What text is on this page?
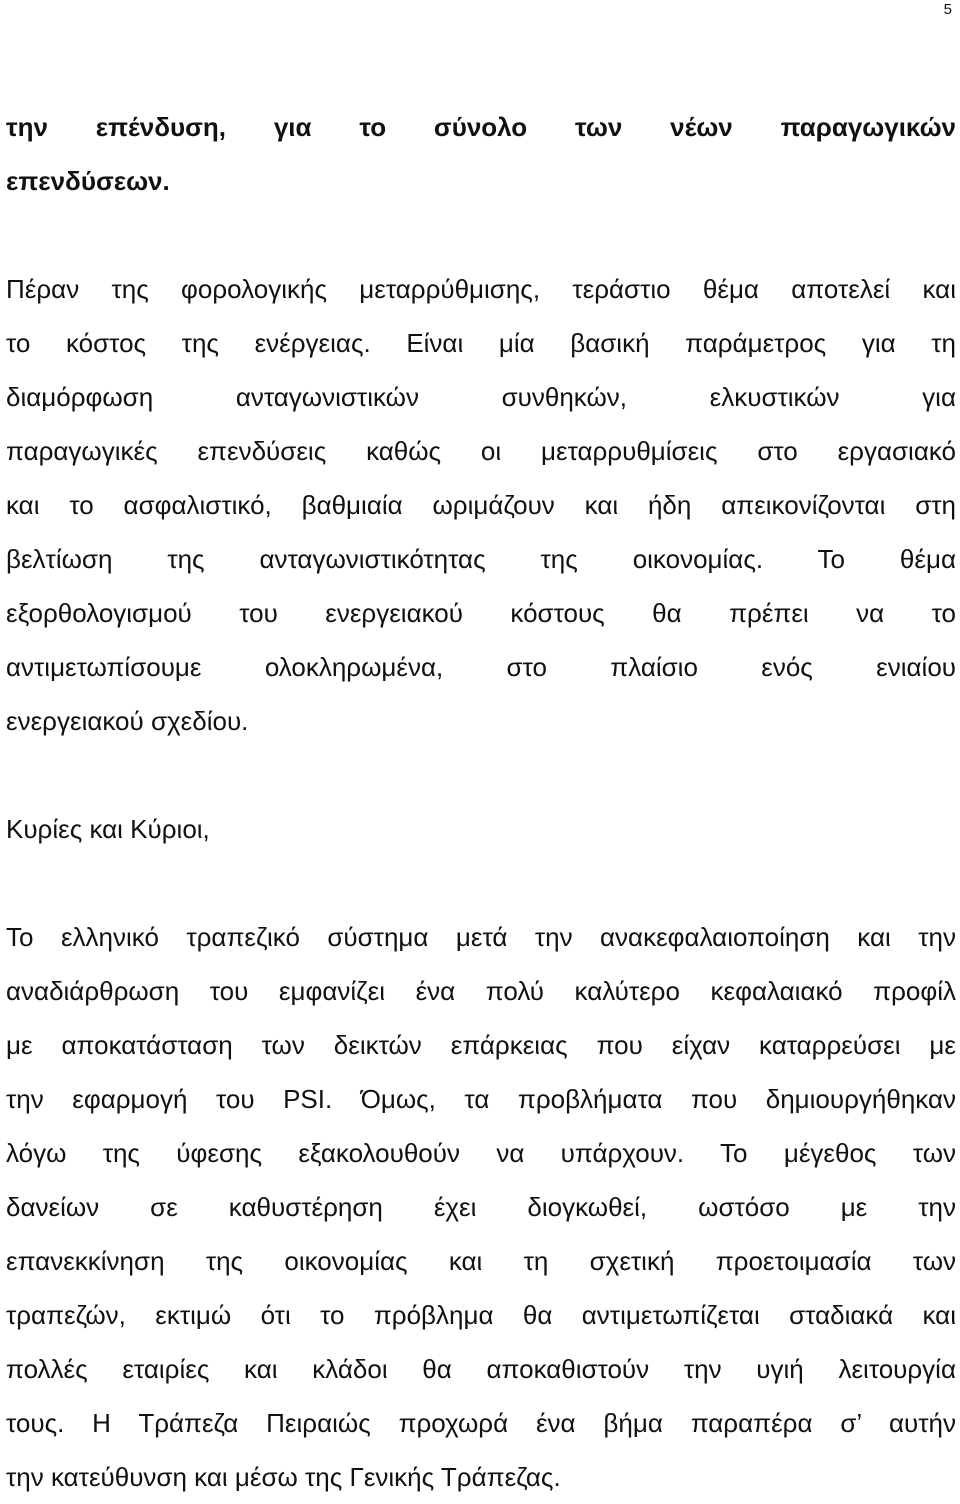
5
την επένδυση, για το σύνολο των νέων παραγωγικών
επενδύσεων.
Πέραν της φορολογικής μεταρρύθμισης, τεράστιο θέμα αποτελεί και
το κόστος της ενέργειας. Είναι μία βασική παράμετρος για τη
διαμόρφωση ανταγωνιστικών συνθηκών, ελκυστικών για
παραγωγικές επενδύσεις καθώς οι μεταρρυθμίσεις στο εργασιακό
και το ασφαλιστικό, βαθμιαία ωριμάζουν και ήδη απεικονίζονται στη
βελτίωση της ανταγωνιστικότητας της οικονομίας. Το θέμα
εξορθολογισμού του ενεργειακού κόστους θα πρέπει να το
αντιμετωπίσουμε ολοκληρωμένα, στο πλαίσιο ενός ενιαίου
ενεργειακού σχεδίου.
Κυρίες και Κύριοι,
Το ελληνικό τραπεζικό σύστημα μετά την ανακεφαλαιοποίηση και την
αναδιάρθρωση του εμφανίζει ένα πολύ καλύτερο κεφαλαιακό προφίλ
με αποκατάσταση των δεικτών επάρκειας που είχαν καταρρεύσει με
την εφαρμογή του PSI. Όμως, τα προβλήματα που δημιουργήθηκαν
λόγω της ύφεσης εξακολουθούν να υπάρχουν. Το μέγεθος των
δανείων σε καθυστέρηση έχει διογκωθεί, ωστόσο με την
επανεκκίνηση της οικονομίας και τη σχετική προετοιμασία των
τραπεζών, εκτιμώ ότι το πρόβλημα θα αντιμετωπίζεται σταδιακά και
πολλές εταιρίες και κλάδοι θα αποκαθιστούν την υγιή λειτουργία
τους. Η Τράπεζα Πειραιώς προχωρά ένα βήμα παραπέρα σ’ αυτήν
την κατεύθυνση και μέσω της Γενικής Τράπεζας.
